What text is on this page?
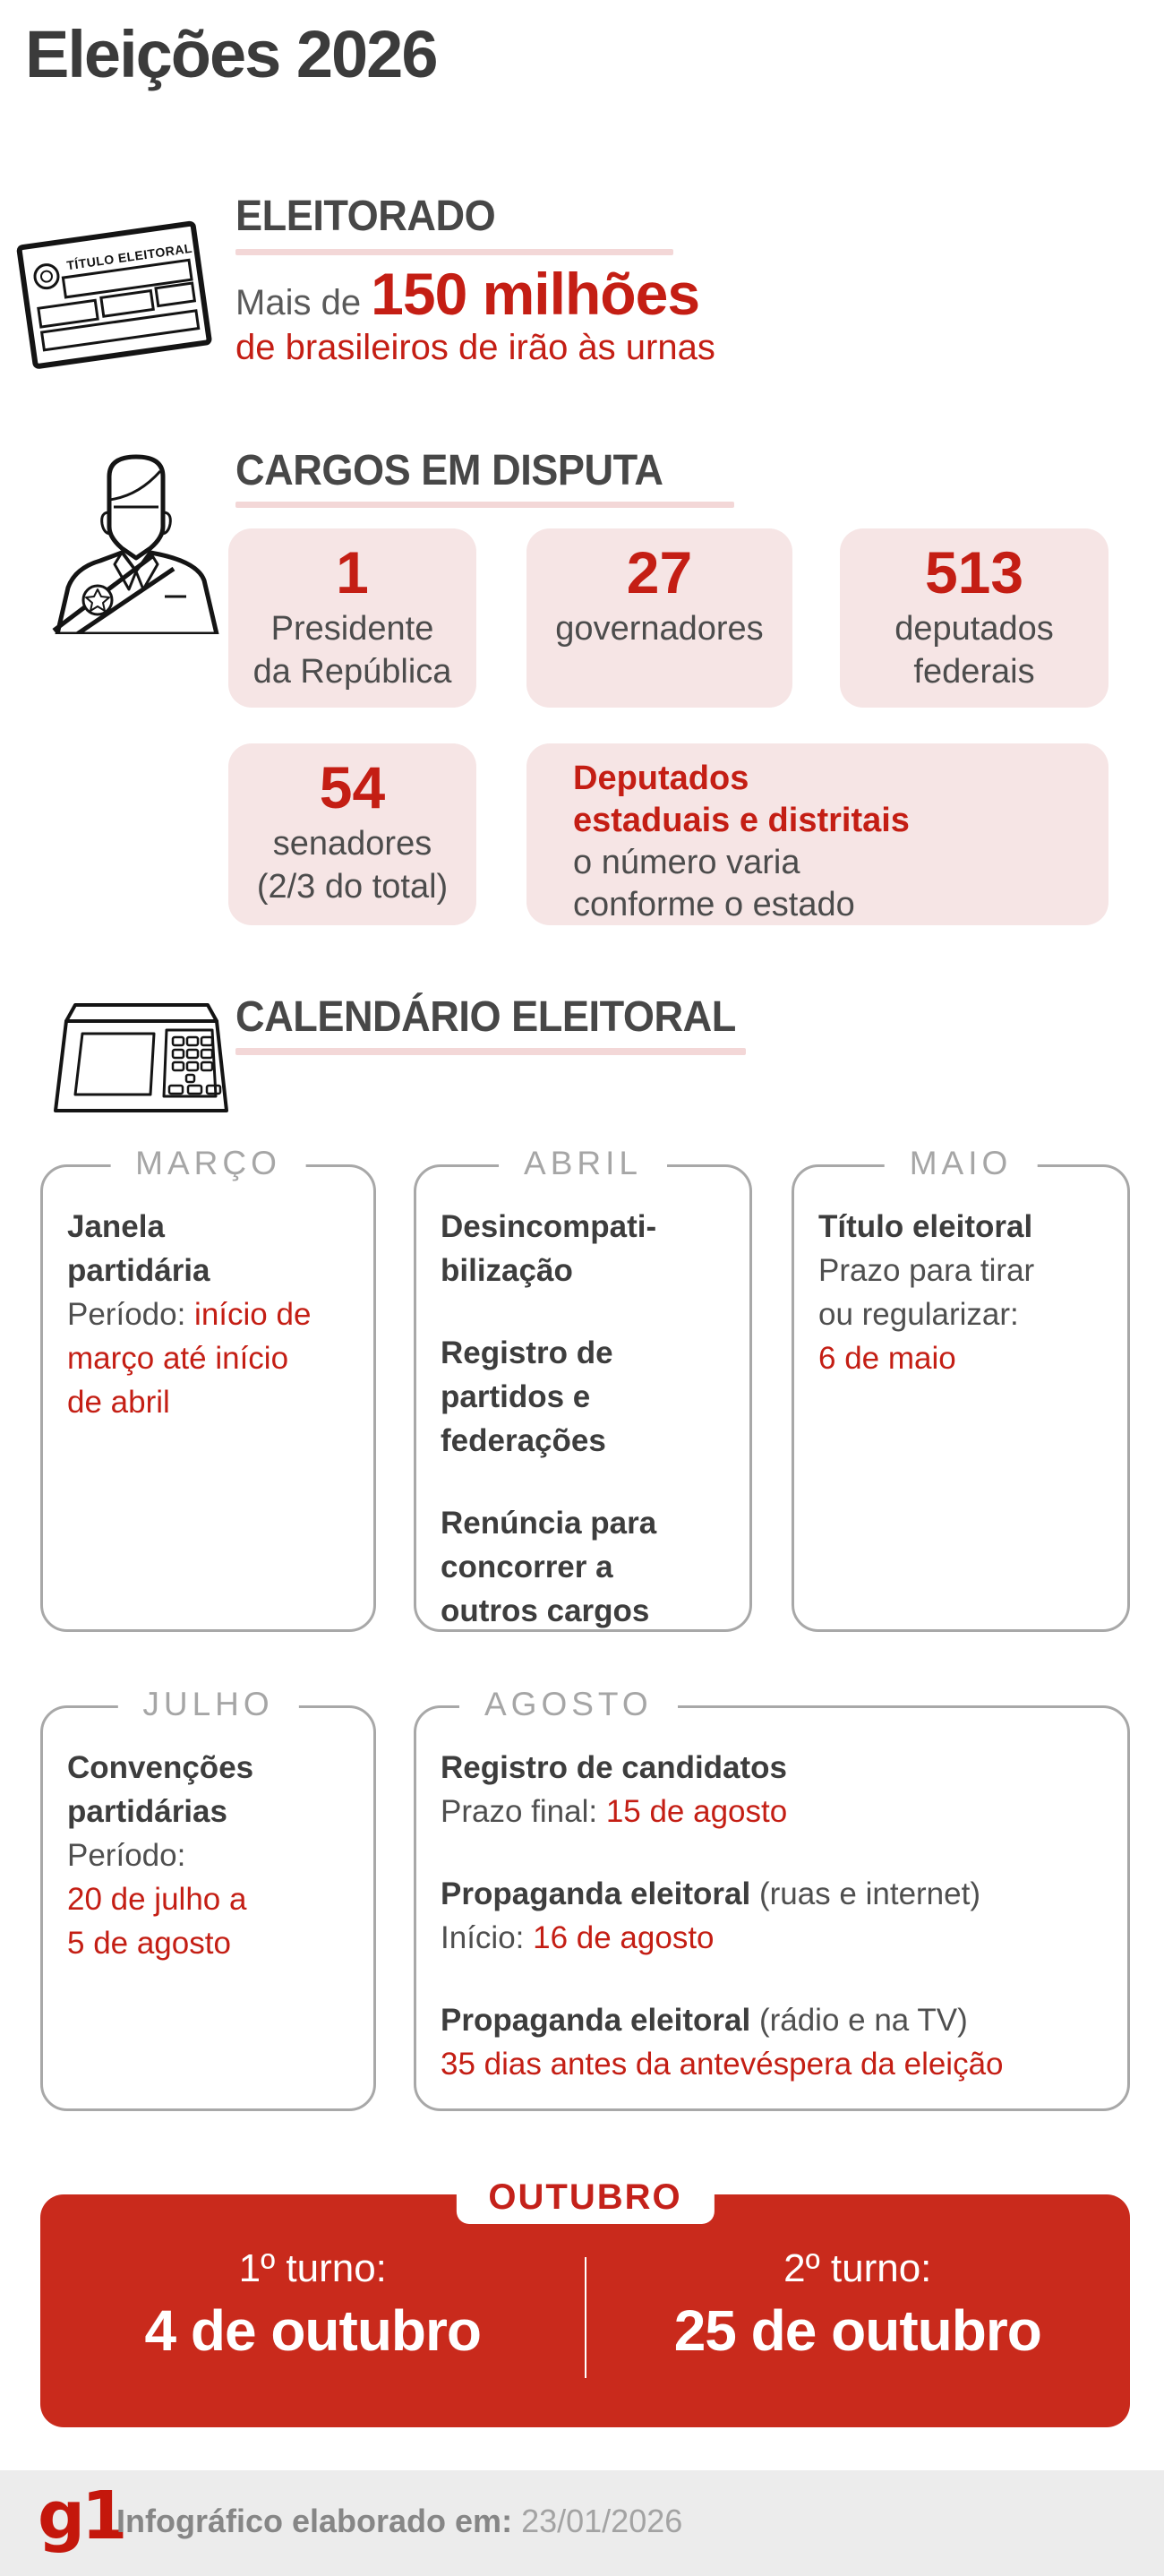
Eleições 2026
TÍTULO ELEITORAL
ELEITORADO
Mais de 150 milhões
de brasileiros de irão às urnas
CARGOS EM DISPUTA
1
Presidente
da República
27
governadores
513
deputados
federais
54
senadores
(2/3 do total)
Deputados
estaduais e distritais
o número varia
conforme o estado
CALENDÁRIO ELEITORAL
MARÇO
Janela
partidária
Período: início de
março até início
de abril
ABRIL
Desincompati-
bilização
Registro de
partidos e
federações
Renúncia para
concorrer a
outros cargos
MAIO
Título eleitoral
Prazo para tirar
ou regularizar:
6 de maio
JULHO
Convenções
partidárias
Período:
20 de julho a
5 de agosto
AGOSTO
Registro de candidatos
Prazo final: 15 de agosto
Propaganda eleitoral (ruas e internet)
Início: 16 de agosto
Propaganda eleitoral (rádio e na TV)
35 dias antes da antevéspera da eleição
OUTUBRO
1º turno:
4 de outubro
2º turno:
25 de outubro
g1
Infográfico elaborado em: 23/01/2026
